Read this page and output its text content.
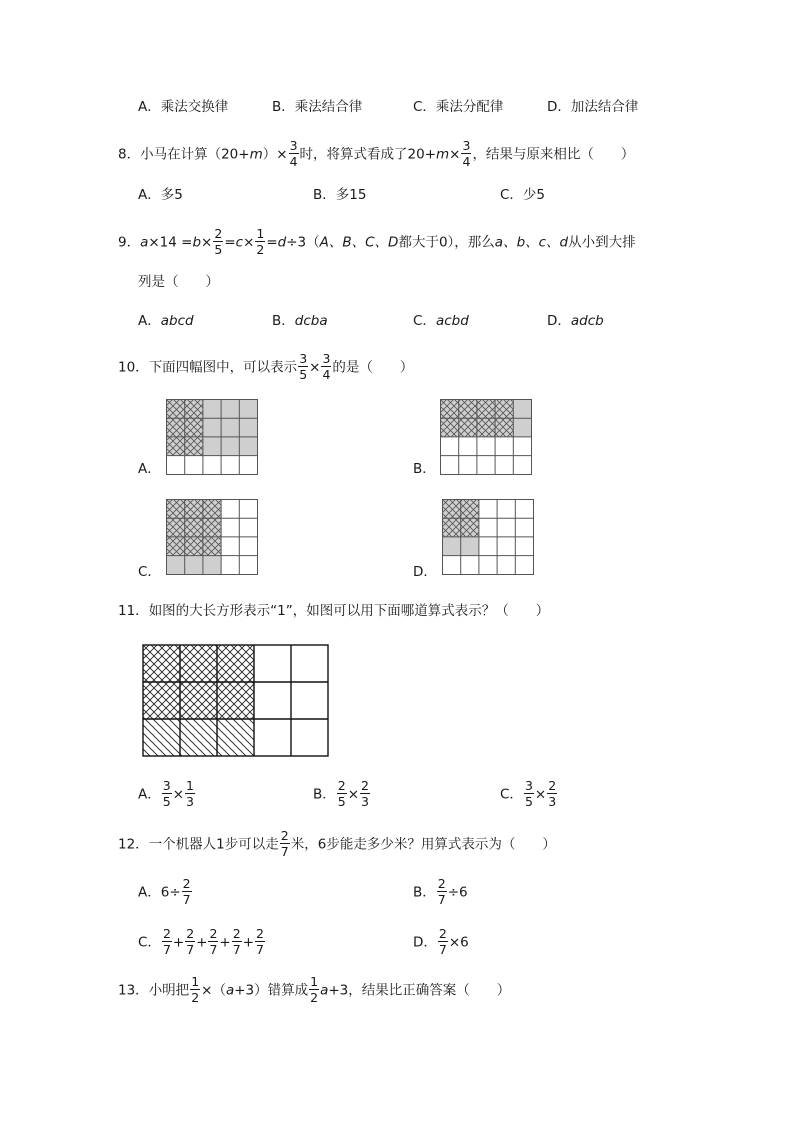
A．乘法交换律	B．乘法结合律	C．乘法分配律	D．加法结合律
8．小马在计算$(20+m)\times \frac{3}{4}$ 时，将算式看成了$20+m\times \frac{3}{4}$ ，结果与原来相比（　　）
A．多5	B．多15	C．少5
9．$a\times 14 =b\times \frac{2}{5} =c\times \frac{1}{2} =d\div 3(A$、B、C、D都大于0），那么a、b、c、d从小到大排
列是（　　）
A．abcd	B．dcba	C．acbd	D．adcb
10．下面四幅图中，可以表示 $\frac{3}{5} \times \frac{3}{4}$ 的是（　　）
A．	B．
C．	D．
11．如图的大长方形表示“1”，如图可以用下面哪道算式表示？（　　）
A． $\frac{3}{5} \times \frac{1}{3}$	B． $\frac{2}{5} \times \frac{2}{3}$	C． $\frac{3}{5} \times \frac{2}{3}$
12．一个机器人1步可以走 $\frac{2}{7}$ 米，6步能走多少米？用算式表示为（　　）
A．$6\div \frac{2}{7}$	B． $\frac{2}{7} \div 6$
C． $\frac{2}{7} + \frac{2}{7} + \frac{2}{7} + \frac{2}{7} + \frac{2}{7}$	D． $\frac{2}{7} \times 6$
13．小明把 $\frac{1}{2} \times(a+3)$错算成 $\frac{1}{2} a+3$，结果比正确答案（　　）
